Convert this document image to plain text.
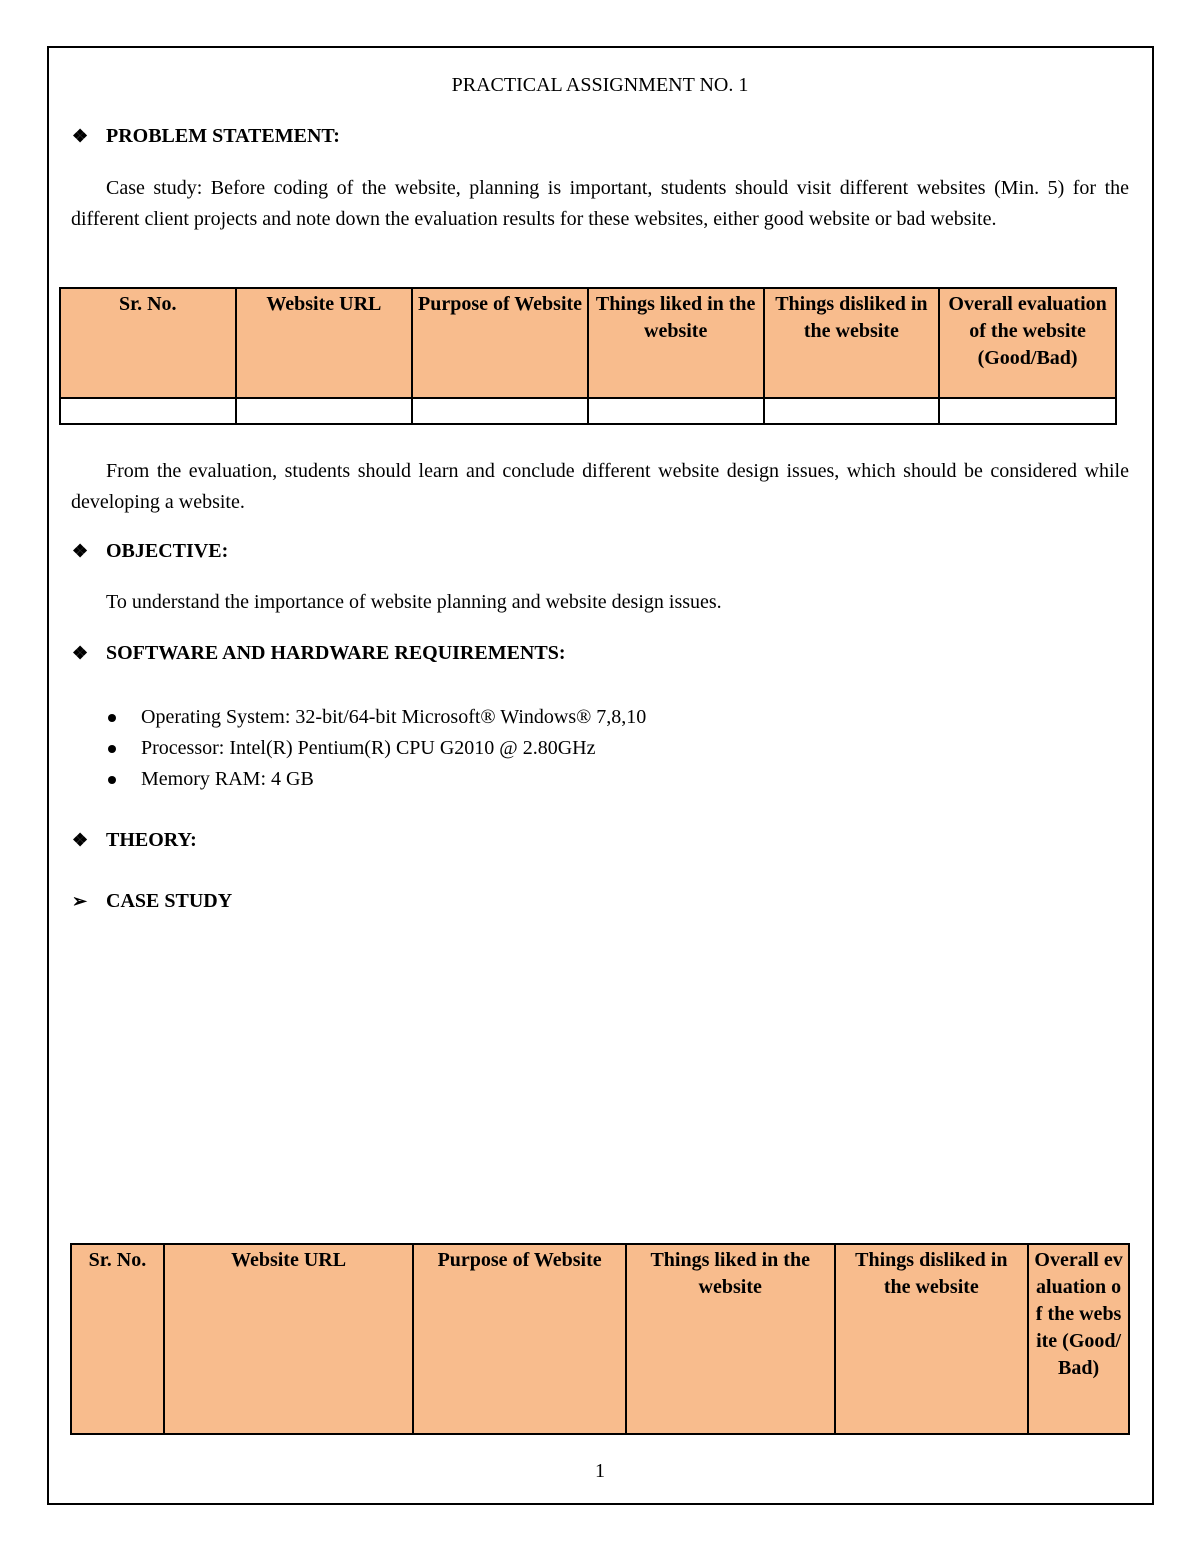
PRACTICAL ASSIGNMENT NO. 1
❖ PROBLEM STATEMENT:
Case study: Before coding of the website, planning is important, students should visit different websites (Min. 5) for the different client projects and note down the evaluation results for these websites, either good website or bad website.
Sr. No.	Website URL	Purpose of Website	Things liked in the website	Things disliked in the website	Overall evaluation of the website (Good/Bad)

From the evaluation, students should learn and conclude different website design issues, which should be considered while developing a website.
❖ OBJECTIVE:
To understand the importance of website planning and website design issues.
❖ SOFTWARE AND HARDWARE REQUIREMENTS:
Operating System: 32-bit/64-bit Microsoft® Windows® 7,8,10
Processor: Intel(R) Pentium(R) CPU G2010 @ 2.80GHz
Memory RAM: 4 GB
❖ THEORY:
➢ CASE STUDY
Sr. No.	Website URL	Purpose of Website	Things liked in the website	Things disliked in the website	Overall evaluation of the website (Good/ Bad)
1
